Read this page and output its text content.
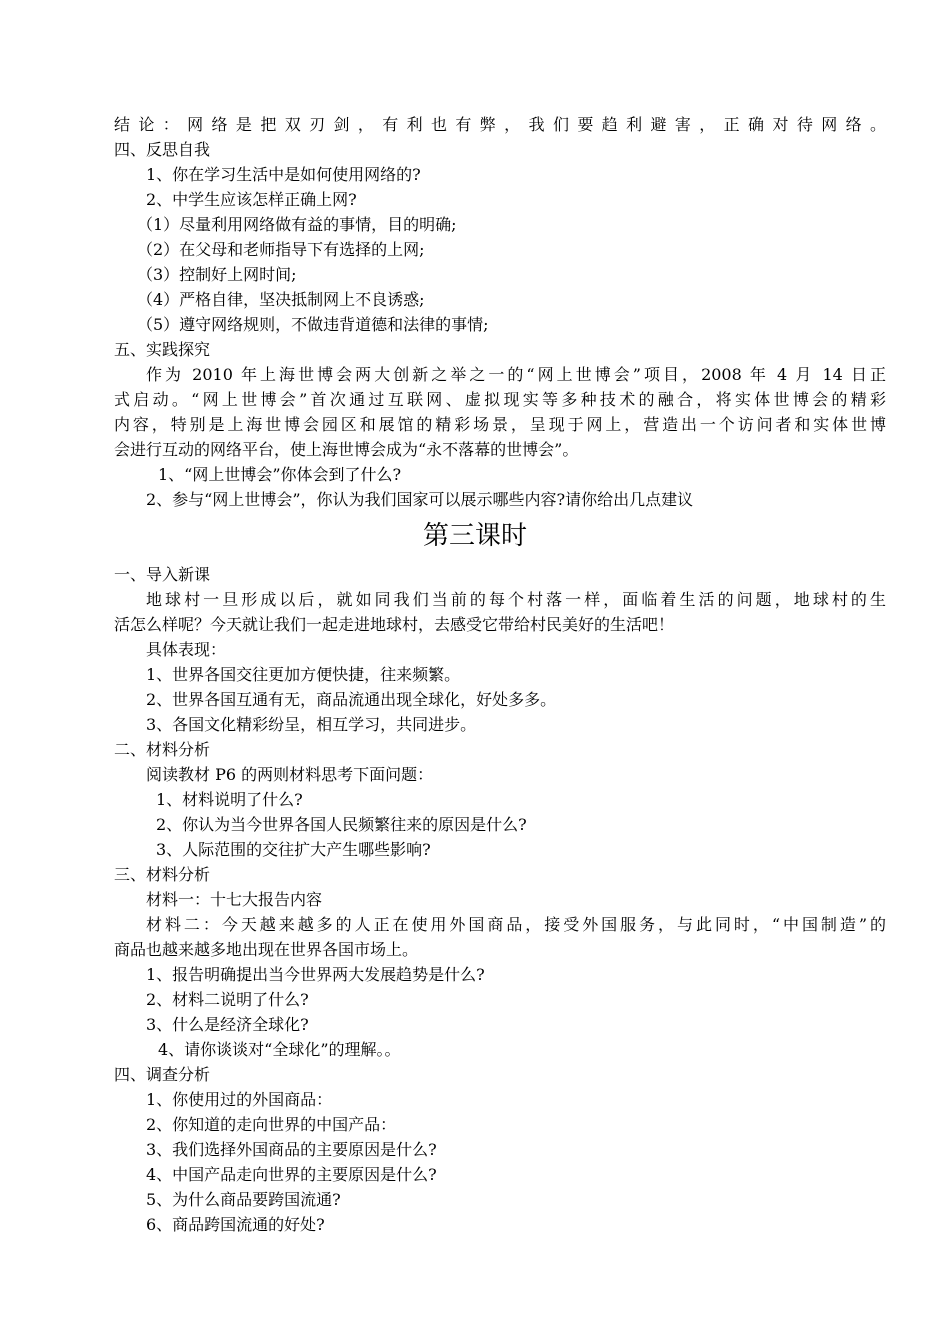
结论：网络是把双刃剑，有利也有弊，我们要趋利避害，正确对待网络。
四、反思自我
1、你在学习生活中是如何使用网络的?
2、中学生应该怎样正确上网?
（1）尽量利用网络做有益的事情，目的明确;
（2）在父母和老师指导下有选择的上网;
（3）控制好上网时间;
（4）严格自律，坚决抵制网上不良诱惑;
（5）遵守网络规则，不做违背道德和法律的事情;
五、实践探究
作为 2010 年上海世博会两大创新之举之一的“网上世博会”项目，2008 年 4 月 14 日正
式启动。“网上世博会”首次通过互联网、虚拟现实等多种技术的融合，将实体世博会的精彩
内容，特别是上海世博会园区和展馆的精彩场景，呈现于网上，营造出一个访问者和实体世博
会进行互动的网络平台，使上海世博会成为“永不落幕的世博会”。
1、“网上世博会”你体会到了什么?
2、参与“网上世博会”，你认为我们国家可以展示哪些内容?请你给出几点建议
第三课时
一、导入新课
地球村一旦形成以后，就如同我们当前的每个村落一样，面临着生活的问题，地球村的生
活怎么样呢？今天就让我们一起走进地球村，去感受它带给村民美好的生活吧！
具体表现：
1、世界各国交往更加方便快捷，往来频繁。
2、世界各国互通有无，商品流通出现全球化，好处多多。
3、各国文化精彩纷呈，相互学习，共同进步。
二、材料分析
阅读教材 P6 的两则材料思考下面问题：
1、材料说明了什么?
2、你认为当今世界各国人民频繁往来的原因是什么?
3、人际范围的交往扩大产生哪些影响?
三、材料分析
材料一：十七大报告内容
材料二：今天越来越多的人正在使用外国商品，接受外国服务，与此同时，“中国制造”的
商品也越来越多地出现在世界各国市场上。
1、报告明确提出当今世界两大发展趋势是什么?
2、材料二说明了什么?
3、什么是经济全球化?
4、请你谈谈对“全球化”的理解。。
四、调查分析
1、你使用过的外国商品：
2、你知道的走向世界的中国产品：
3、我们选择外国商品的主要原因是什么?
4、中国产品走向世界的主要原因是什么?
5、为什么商品要跨国流通?
6、商品跨国流通的好处?
